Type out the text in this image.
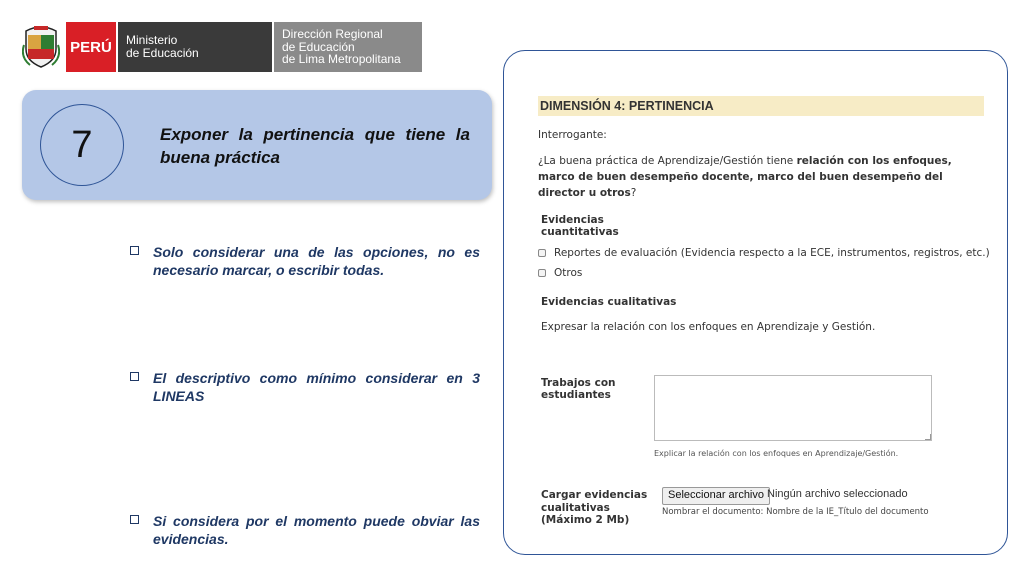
PERÚ	Ministerio
de Educación
Dirección Regional
de Educación
de Lima Metropolitana
7	Exponer la pertinencia que tiene la buena práctica
Solo considerar una de las opciones, no es necesario marcar, o escribir todas.
El descriptivo como mínimo considerar en 3 LINEAS
Si considera por el momento puede obviar las evidencias.
DIMENSIÓN 4: PERTINENCIA
Interrogante:
¿La buena práctica de Aprendizaje/Gestión tiene relación con los enfoques, marco de buen desempeño docente, marco del buen desempeño del director u otros?
Evidencias cuantitativas
Reportes de evaluación (Evidencia respecto a la ECE, instrumentos, registros, etc.)
Otros
Evidencias cualitativas
Expresar la relación con los enfoques en Aprendizaje y Gestión.
Trabajos con estudiantes
Explicar la relación con los enfoques en Aprendizaje/Gestión.
Cargar evidencias cualitativas (Máximo 2 Mb)
Seleccionar archivo Ningún archivo seleccionado
Nombrar el documento: Nombre de la IE_Título del documento
